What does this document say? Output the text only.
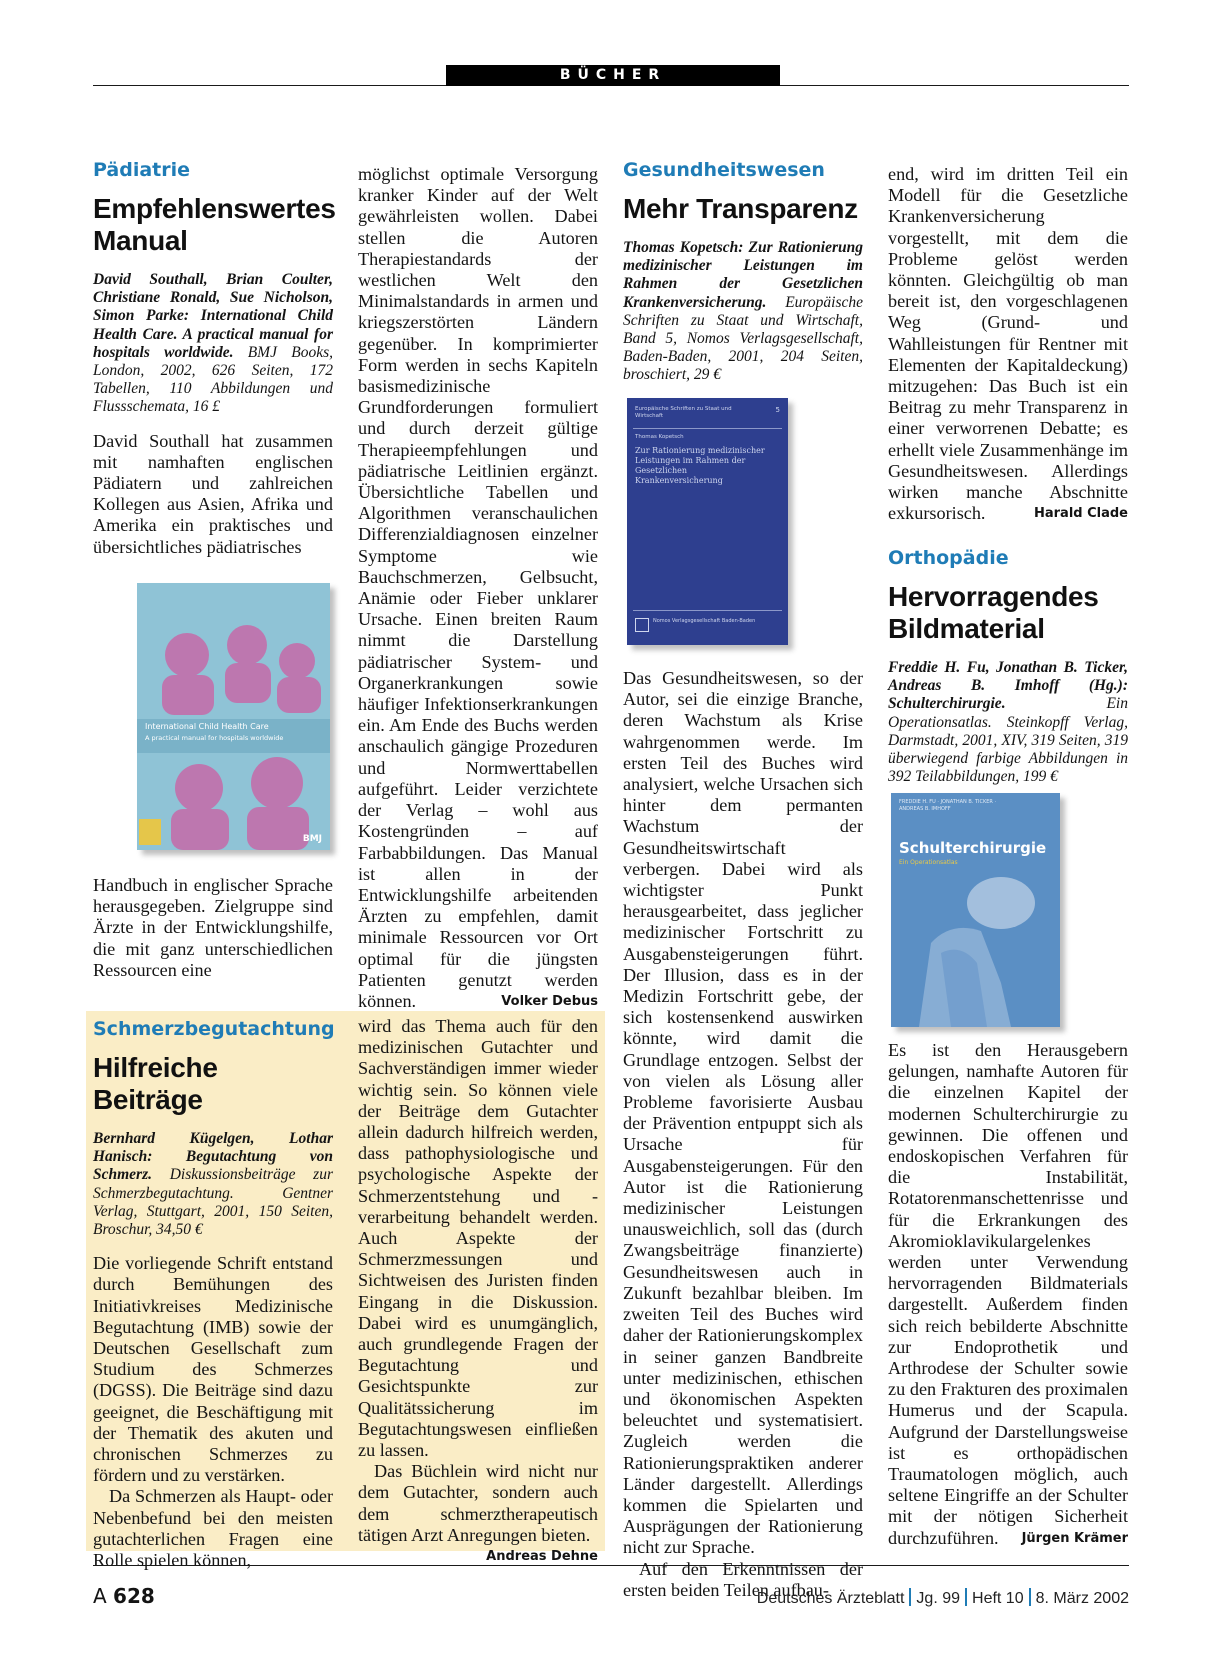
BÜCHER
Pädiatrie
Empfehlenswertes Manual
David Southall, Brian Coulter, Christiane Ronald, Sue Nicholson, Simon Parke: International Child Health Care. A practical manual for hospitals worldwide. BMJ Books, London, 2002, 626 Seiten, 172 Tabellen, 110 Abbildungen und Flussschemata, 16 £

David Southall hat zusammen mit namhaften englischen Pädiatern und zahlreichen Kollegen aus Asien, Afrika und Amerika ein praktisches und übersichtliches pädiatrisches

International Child Health Care
A practical manual for hospitals worldwide
BMJ

Handbuch in englischer Sprache herausgegeben. Zielgruppe sind Ärzte in der Entwicklungshilfe, die mit ganz unterschiedlichen Ressourcen eine

möglichst optimale Versorgung kranker Kinder auf der Welt gewährleisten wollen. Dabei stellen die Autoren Therapiestandards der westlichen Welt den Minimalstandards in armen und kriegszerstörten Ländern gegenüber. In komprimierter Form werden in sechs Kapiteln basismedizinische Grundforderungen formuliert und durch derzeit gültige Therapieempfehlungen und pädiatrische Leitlinien ergänzt. Übersichtliche Tabellen und Algorithmen veranschaulichen Differenzialdiagnosen einzelner Symptome wie Bauchschmerzen, Gelbsucht, Anämie oder Fieber unklarer Ursache. Einen breiten Raum nimmt die Darstellung pädiatrischer System- und Organerkrankungen sowie häufiger Infektionserkrankungen ein. Am Ende des Buchs werden anschaulich gängige Prozeduren und Normwerttabellen aufgeführt. Leider verzichtete der Verlag – wohl aus Kostengründen – auf Farbabbildungen. Das Manual ist allen in der Entwicklungshilfe arbeitenden Ärzten zu empfehlen, damit minimale Ressourcen vor Ort optimal für die jüngsten Patienten genutzt werden können.	Volker Debus

Schmerzbegutachtung
Hilfreiche Beiträge
Bernhard Kügelgen, Lothar Hanisch: Begutachtung von Schmerz. Diskussionsbeiträge zur Schmerzbegutachtung. Gentner Verlag, Stuttgart, 2001, 150 Seiten, Broschur, 34,50 €

Die vorliegende Schrift entstand durch Bemühungen des Initiativkreises Medizinische Begutachtung (IMB) sowie der Deutschen Gesellschaft zum Studium des Schmerzes (DGSS). Die Beiträge sind dazu geeignet, die Beschäftigung mit der Thematik des akuten und chronischen Schmerzes zu fördern und zu verstärken.

Da Schmerzen als Haupt- oder Nebenbefund bei den meisten gutachterlichen Fragen eine Rolle spielen können,

wird das Thema auch für den medizinischen Gutachter und Sachverständigen immer wieder wichtig sein. So können viele der Beiträge dem Gutachter allein dadurch hilfreich werden, dass pathophysiologische und psychologische Aspekte der Schmerzentstehung und -verarbeitung behandelt werden. Auch Aspekte der Schmerzmessungen und Sichtweisen des Juristen finden Eingang in die Diskussion. Dabei wird es unumgänglich, auch grundlegende Fragen der Begutachtung und Gesichtspunkte zur Qualitätssicherung im Begutachtungswesen einfließen zu lassen.

Das Büchlein wird nicht nur dem Gutachter, sondern auch dem schmerztherapeutisch tätigen Arzt Anregungen bieten.
Andreas Dehne

Gesundheitswesen
Mehr Transparenz
Thomas Kopetsch: Zur Rationierung medizinischer Leistungen im Rahmen der Gesetzlichen Krankenversicherung. Europäische Schriften zu Staat und Wirtschaft, Band 5, Nomos Verlagsgesellschaft, Baden-Baden, 2001, 204 Seiten, broschiert, 29 €
Europäische Schriften zu Staat und Wirtschaft
5
Thomas Kopetsch
Zur Rationierung medizinischer Leistungen im Rahmen der Gesetzlichen Krankenversicherung
Nomos Verlagsgesellschaft Baden-Baden

Das Gesundheitswesen, so der Autor, sei die einzige Branche, deren Wachstum als Krise wahrgenommen werde. Im ersten Teil des Buches wird analysiert, welche Ursachen sich hinter dem permanten Wachstum der Gesundheitswirtschaft verbergen. Dabei wird als wichtigster Punkt herausgearbeitet, dass jeglicher medizinischer Fortschritt zu Ausgabensteigerungen führt. Der Illusion, dass es in der Medizin Fortschritt gebe, der sich kostensenkend auswirken könnte, wird damit die Grundlage entzogen. Selbst der von vielen als Lösung aller Probleme favorisierte Ausbau der Prävention entpuppt sich als Ursache für Ausgabensteigerungen. Für den Autor ist die Rationierung medizinischer Leistungen unausweichlich, soll das (durch Zwangsbeiträge finanzierte) Gesundheitswesen auch in Zukunft bezahlbar bleiben. Im zweiten Teil des Buches wird daher der Rationierungskomplex in seiner ganzen Bandbreite unter medizinischen, ethischen und ökonomischen Aspekten beleuchtet und systematisiert. Zugleich werden die Rationierungspraktiken anderer Länder dargestellt. Allerdings kommen die Spielarten und Ausprägungen der Rationierung nicht zur Sprache.

Auf den Erkenntnissen der ersten beiden Teilen aufbau-

end, wird im dritten Teil ein Modell für die Gesetzliche Krankenversicherung vorgestellt, mit dem die Probleme gelöst werden könnten. Gleichgültig ob man bereit ist, den vorgeschlagenen Weg (Grund- und Wahlleistungen für Rentner mit Elementen der Kapitaldeckung) mitzugehen: Das Buch ist ein Beitrag zu mehr Transparenz in einer verworrenen Debatte; es erhellt viele Zusammenhänge im Gesundheitswesen. Allerdings wirken manche Abschnitte exkursorisch.	Harald Clade

Orthopädie
Hervorragendes Bildmaterial
Freddie H. Fu, Jonathan B. Ticker, Andreas B. Imhoff (Hg.): Schulterchirurgie.	Ein Operationsatlas. Steinkopff Verlag, Darmstadt, 2001, XIV, 319 Seiten, 319 überwiegend farbige Abbildungen in 392 Teilabbildungen, 199 €
FREDDIE H. FU · JONATHAN B. TICKER · ANDREAS B. IMHOFF
Schulterchirurgie
Ein Operationsatlas

Es ist den Herausgebern gelungen, namhafte Autoren für die einzelnen Kapitel der modernen Schulterchirurgie zu gewinnen. Die offenen und endoskopischen Verfahren für die Instabilität, Rotatorenmanschettenrisse und für die Erkrankungen des Akromioklavikulargelenkes werden unter Verwendung hervorragenden Bildmaterials dargestellt. Außerdem finden sich reich bebilderte Abschnitte zur Endoprothetik und Arthrodese der Schulter sowie zu den Frakturen des proximalen Humerus und der Scapula. Aufgrund der Darstellungsweise ist es orthopädischen Traumatologen möglich, auch seltene Eingriffe an der Schulter mit der nötigen Sicherheit durchzuführen. Jürgen Krämer

A 628	Deutsches Ärzteblatt Jg. 99 Heft 10 8. März 2002
